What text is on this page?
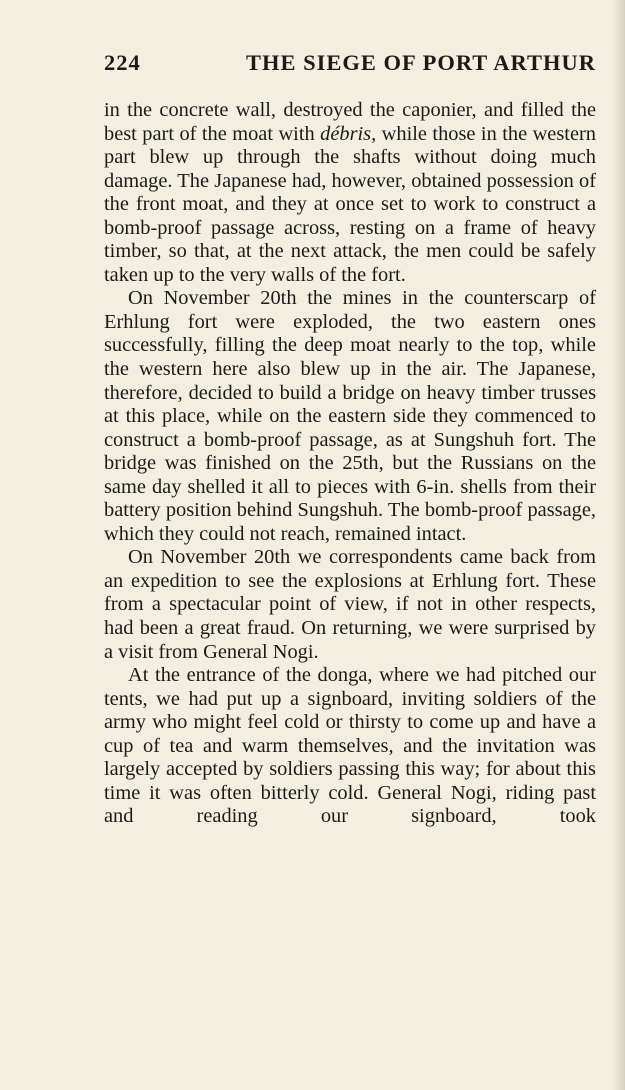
224	THE SIEGE OF PORT ARTHUR

in the concrete wall, destroyed the caponier, and filled the best part of the moat with débris, while those in the western part blew up through the shafts without doing much damage. The Japanese had, however, obtained possession of the front moat, and they at once set to work to construct a bomb-proof passage across, resting on a frame of heavy timber, so that, at the next attack, the men could be safely taken up to the very walls of the fort.

On November 20th the mines in the counterscarp of Erhlung fort were exploded, the two eastern ones successfully, filling the deep moat nearly to the top, while the western here also blew up in the air. The Japanese, therefore, decided to build a bridge on heavy timber trusses at this place, while on the eastern side they commenced to construct a bomb-proof passage, as at Sungshuh fort. The bridge was finished on the 25th, but the Russians on the same day shelled it all to pieces with 6-in. shells from their battery position behind Sungshuh. The bomb-proof passage, which they could not reach, remained intact.

On November 20th we correspondents came back from an expedition to see the explosions at Erhlung fort. These from a spectacular point of view, if not in other respects, had been a great fraud. On returning, we were surprised by a visit from General Nogi.

At the entrance of the donga, where we had pitched our tents, we had put up a signboard, inviting soldiers of the army who might feel cold or thirsty to come up and have a cup of tea and warm themselves, and the invitation was largely accepted by soldiers passing this way; for about this time it was often bitterly cold. General Nogi, riding past and reading our signboard, took
